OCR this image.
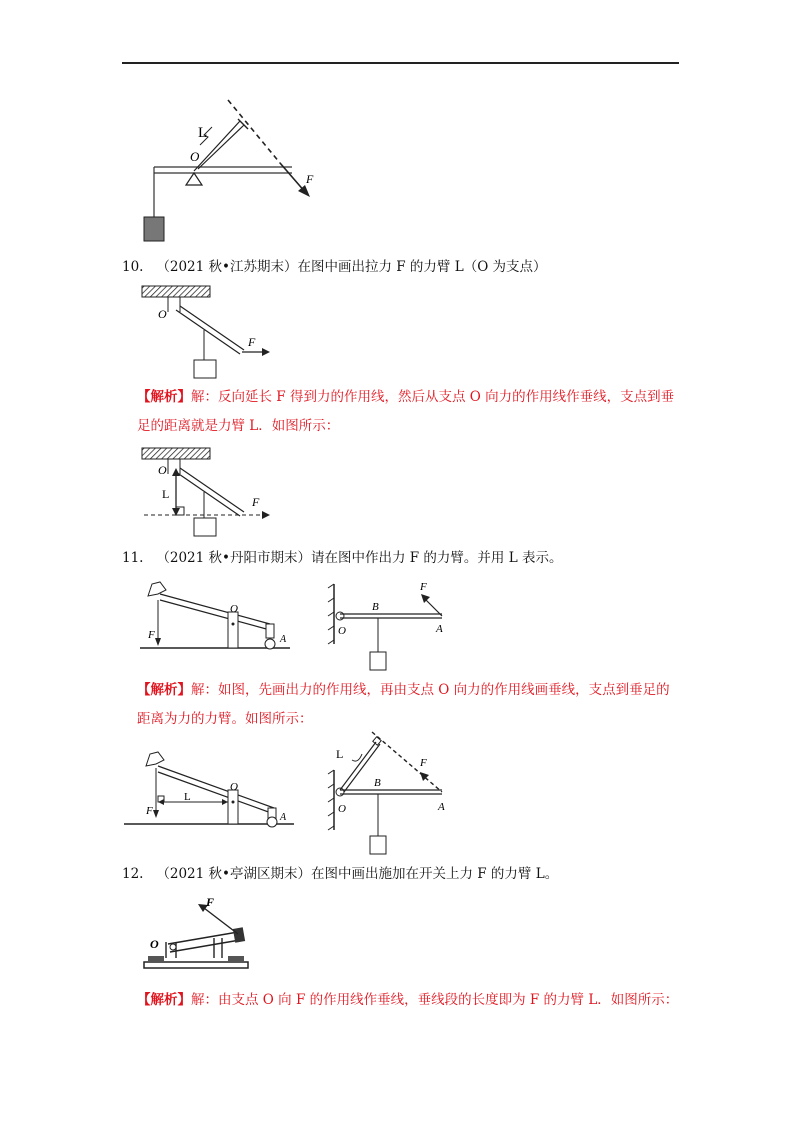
L
O
F
10. （2021 秋•江苏期末）在图中画出拉力 F 的力臂 L（O 为支点）
O
F
【解析】解：反向延长 F 得到力的作用线，然后从支点 O 向力的作用线作垂线，支点到垂足的距离就是力臂 L．如图所示：
O
L
F
11. （2021 秋•丹阳市期末）请在图中作出力 F 的力臂。并用 L 表示。
O
F	A
B
O	A
F
【解析】解：如图，先画出力的作用线，再由支点 O 向力的作用线画垂线，支点到垂足的距离为力的力臂。如图所示：
L
O
F
A
L
F
B
O	A
12. （2021 秋•亭湖区期末）在图中画出施加在开关上力 F 的力臂 L。
F
O
【解析】解：由支点 O 向 F 的作用线作垂线，垂线段的长度即为 F 的力臂 L．如图所示：
